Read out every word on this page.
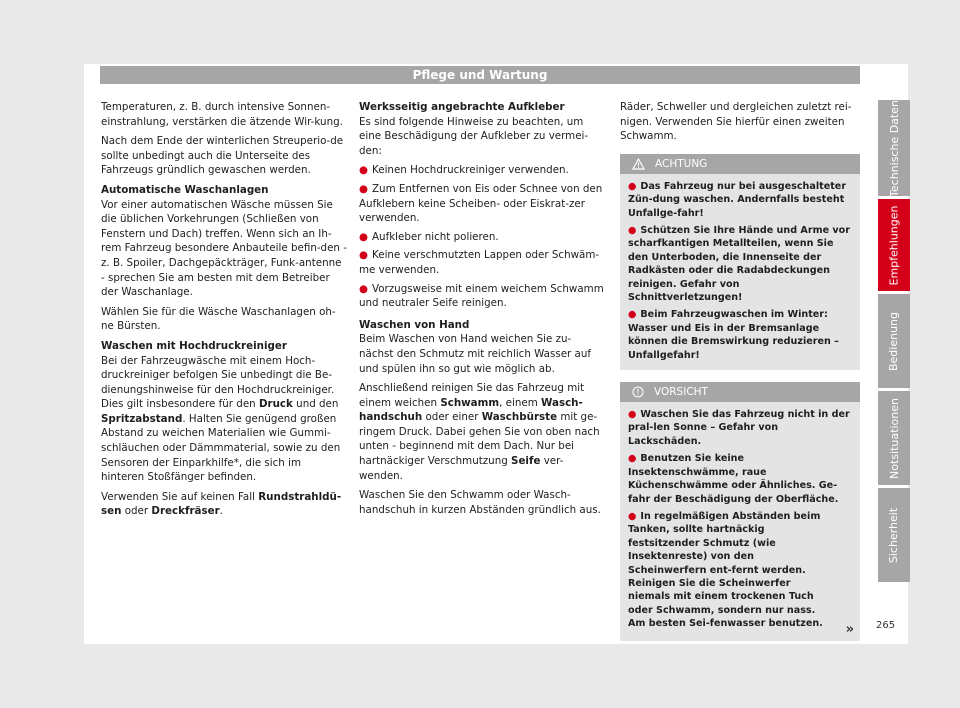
Pflege und Wartung

Temperaturen, z. B. durch intensive Sonnen-einstrahlung, verstärken die ätzende Wir-kung.

Nach dem Ende der winterlichen Streuperio-de sollte unbedingt auch die Unterseite des Fahrzeugs gründlich gewaschen werden.

Automatische Waschanlagen

Vor einer automatischen Wäsche müssen Sie die üblichen Vorkehrungen (Schließen von Fenstern und Dach) treffen. Wenn sich an Ih-rem Fahrzeug besondere Anbauteile befin-den - z. B. Spoiler, Dachgepäckträger, Funk-antenne - sprechen Sie am besten mit dem Betreiber der Waschanlage.

Wählen Sie für die Wäsche Waschanlagen oh-ne Bürsten.

Waschen mit Hochdruckreiniger

Bei der Fahrzeugwäsche mit einem Hoch-druckreiniger befolgen Sie unbedingt die Be-dienungshinweise für den Hochdruckreiniger. Dies gilt insbesondere für den Druck und den Spritzabstand. Halten Sie genügend großen Abstand zu weichen Materialien wie Gummi-schläuchen oder Dämmmaterial, sowie zu den Sensoren der Einparkhilfe*, die sich im hinteren Stoßfänger befinden.

Verwenden Sie auf keinen Fall Rundstrahldü-sen oder Dreckfräser.

Werksseitig angebrachte Aufkleber

Es sind folgende Hinweise zu beachten, um eine Beschädigung der Aufkleber zu vermei-den:

● Keinen Hochdruckreiniger verwenden.
● Zum Entfernen von Eis oder Schnee von den Aufklebern keine Scheiben- oder Eiskrat-zer verwenden.
● Aufkleber nicht polieren.
● Keine verschmutzten Lappen oder Schwäm-me verwenden.
● Vorzugsweise mit einem weichem Schwamm und neutraler Seife reinigen.
Waschen von Hand

Beim Waschen von Hand weichen Sie zu-nächst den Schmutz mit reichlich Wasser auf und spülen ihn so gut wie möglich ab.

Anschließend reinigen Sie das Fahrzeug mit einem weichen Schwamm, einem Wasch-handschuh oder einer Waschbürste mit ge-ringem Druck. Dabei gehen Sie von oben nach unten - beginnend mit dem Dach. Nur bei hartnäckiger Verschmutzung Seife ver-wenden.

Waschen Sie den Schwamm oder Wasch-handschuh in kurzen Abständen gründlich aus.

Räder, Schweller und dergleichen zuletzt rei-nigen. Verwenden Sie hierfür einen zweiten Schwamm.

ACHTUNG
● Das Fahrzeug nur bei ausgeschalteter Zün-dung waschen. Andernfalls besteht Unfallge-fahr!
● Schützen Sie Ihre Hände und Arme vor scharfkantigen Metallteilen, wenn Sie den Unterboden, die Innenseite der Radkästen oder die Radabdeckungen reinigen. Gefahr von Schnittverletzungen!
● Beim Fahrzeugwaschen im Winter: Wasser und Eis in der Bremsanlage können die Bremswirkung reduzieren – Unfallgefahr!
VORSICHT
● Waschen Sie das Fahrzeug nicht in der pral-len Sonne – Gefahr von Lackschäden.
● Benutzen Sie keine Insektenschwämme, raue Küchenschwämme oder Ähnliches. Ge-fahr der Beschädigung der Oberfläche.
● In regelmäßigen Abständen beim Tanken, sollte hartnäckig festsitzender Schmutz (wie Insektenreste) von den Scheinwerfern ent-fernt werden. Reinigen Sie die Scheinwerfer niemals mit einem trockenen Tuch oder Schwamm, sondern nur nass. Am besten Sei-fenwasser benutzen.	»
Technische Daten
Empfehlungen
Bedienung
Notsituationen
Sicherheit
265
